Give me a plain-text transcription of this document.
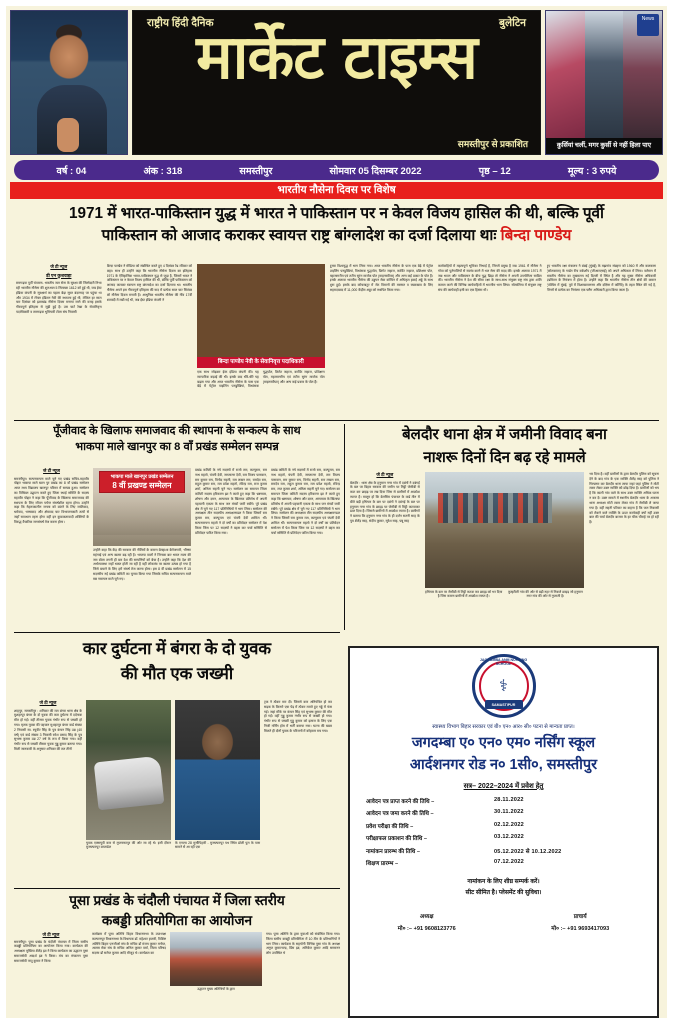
राष्ट्रीय हिंदी दैनिक	बुलेटिन
मार्केट टाइम्स
समस्तीपुर से प्रकाशित
News
कुर्सियां चलीं, मगर कुर्सी से नहीं हिला पाए
वर्ष : 04	अंक : 318	समस्तीपुर	सोमवार 05 दिसम्बर 2022	पृष्ठ – 12	मूल्य : 3 रुपये
भारतीय नौसेना दिवस पर विशेष
1971 में भारत-पाकिस्तान युद्ध में भारत ने पाकिस्तान पर न केवल विजय हासिल की थी, बल्कि पूर्वी
पाकिस्तान को आजाद कराकर स्वायत्त राष्ट्र बांग्लादेश का दर्जा दिलाया थाः बिन्दा पाण्डेय
जे टी न्यूज
डी एन कुशवाहा
रामगढ़वा पूर्वी चंपारण- भारतीय जल सेना के सुरक्षा की जिम्मेदारी निभा रही भारतीय नौसेना की शुरुआत 5 सितम्बर 1612 को हुई थी, जब ईस्ट इंडिया कंपनी के सुरक्षार्थ का पहला बेड़ा सूरत बंदरगाह पर पहुंचा था और 1934 में रॉयल इंडियन नेवी की स्थापना हुई थी, लेकिन हर साल चार दिसंबर को झारखंड नौसेना दिवस मनाया जाने की वजह इसके गौरवपूर्ण इतिहास से जुड़ी हुई है। उस चार्ट रेखा के सेवानिवृत्त पदाधिकारी व रामगढ़वा थुमियारी टोला संघ निवासी
बिन्दा पाण्डेय ने मीडिया को संबोधित करते हुए 4 दिसंबर रेड रविवार को कहा। साथ ही उन्होंने कहा कि भारतीय नौसेना दिवस का इतिहास 1971 के ऐतिहासिक भारत-पाकिस्तान युद्ध से जुड़ा है, जिसमें भारत ने पाकिस्तान पर न केवल विजय हासिल की थी, बल्कि पूर्वी पाकिस्तान को आजाद कराकर स्वायत्त राष्ट्र बांग्लादेश का दर्जा दिलाया था। भारतीय नौसेना अपने इस गौरवपूर्ण इतिहास की याद में प्रत्येक साल चार सितंबर को नौसेना दिवस मनाती है। आधुनिक भारतीय नौसेना की नींव 17वीं शताब्दी में रखी गई थी, जब ईस्ट इंडिया कंपनी ने
बिन्दा पाण्डेय नेवी के सेवानिवृत्त पदाधिकारी
एक साथ जोड़कर ईस्ट इंडिया कंपनी की। यह व्यापारिक कड़ाई की थी। इसके बाद धीरे-धीरे यह बढ़ता गया और आज भारतीय नौसेना के पास एक बेड़े में पेट्रोल पाइलिंग पनडुब्बियां, विध्वंसक युद्धपोत, फ्रिगेट जहाज, कार्विट जहाज, प्रशिक्षण पोत, महासागरीय एवं तटीय सुरंग मार्जक पोत (माइनस्वीपर) और अन्य कई प्रकार के पोत हैं।
दूसरा विश्वयुद्ध में भाग लिया गया। आज भारतीय नौसेना के पास एक बेड़े में पेट्रोल पाइलिंग पनडुब्बियां, विध्वंसक युद्धपोत, फ्रिगेट जहाज, कार्विट जहाज, प्रशिक्षण पोत, महासागरीय एवं तटीय सुरंग मार्जक पोत (माइनस्वीपर) और अन्य कई प्रकार के पोत हैं। इसके अलावा भारतीय नौसेना की उड्डयन सेवा कोचिन में अधिकृत हवाई अड्डे के साथ शुरू हुई। इसके बाद कोचम्बटूर में जेट विमानों की मरम्मत व रखरखाव के लिए अहमदाबाद में 11,000 केंद्रीय अड्डा को स्थापित किया गया।
कार्यवाहियों में महत्वपूर्ण भूमिका निभाई है, जिनमें प्रमुख है जब 1961 में नौसेना ने गोवा को पुर्तगालियों से स्वतंत्र करने में थल सेना की मदद की। इसके अलावा 1971 में जब भारत और पाकिस्तान के बीच युद्ध छिड़ा तो नौसेना ने अपनी उपयोगिता साबित की। भारतीय नौसेना ने देश की सीमा रक्षा के साथ-साथ संयुक्त राष्ट्र संघ द्वारा शांति कायम करने की विभिन्न कार्यवाहियों में भारतीय भाग लिया। सोमालिया में संयुक्त राष्ट्र संघ की कार्यवाही इसी का एक हिस्सा थी।
हुए भारतीय रक्षा मंत्रालय ने बंबई (मुंबई) के मझगांव संग्रहण को 1960 में और कलकत्ता (कोलकाता) के गार्डन रीच वर्कशॉप (जीआरएसई) को अपने अधिकार में लिया। वर्तमान में भारतीय नौसेना का मुख्यालय नई दिल्ली में स्थित है और यह मुख्य नौसेना अधिकारी एडमिरल के नियंत्रण में होता है। उन्होंने कहा कि भारतीय नौसेना तीन क्षेत्रों की कमान (पश्चिम में मुंबई, पूर्व में विशाखापत्तनम और दक्षिण में कोच्चि) के तहत स्थित की गई है, जिनमें से प्रत्येक का नियंत्रण एक फ्लैग अधिकारी द्वारा किया जाता है।
पूँजीवाद के खिलाफ समाजवाद की स्थापना के सन्कल्प के साथ
भाकपा माले खानपुर का 8 वाँ प्रखंड सम्मेलन सम्पन्न
जे टी न्यूज
समस्तीपुर। सत्यनारायण माले चुने गए प्रखंड सचिव-महावीर पोद्दार भाकपा माले खान पुर प्रखंड का 8 वाँ प्रखंड सम्मेलन आज मध्य विद्यालय खानपुर परिसर में सम्पन्न हुआ। सम्मेलन का विधिवत उद्घाटन करते हुए जिला स्थाई समिति के सदस्य महावीर पोद्दार ने कहा कि पूँजीवाद के खिलाफ समाजवाद की स्थापना के लिए जीवन पर्यन्त संघर्षशील रहना होगा। उन्होंने कहा कि नेहरूकालीन जनता को बांटने के लिए जातिवाद, धर्मवाद, भाषावाद और क्षेत्रवाद चार विभाजनकारी तत्वों से जहाँ सावधान रहना होगा वहीं इन कुफ्रकतावादी शक्तियों के विरुद्ध वैचारिक जनसंघर्ष तेज करना होगा।
भाकपा माले खानपुर प्रखंड सम्मेलन
8 वीं प्रखण्ड सम्मेलन
उन्होंने कहा कि केंद्र की सरकार की नीतियों के कारण बेतहाशा बेरोजगारी, भीषण महंगाई एवं अन्य खतरा बढ़ रही है। भाजपा वालों ने जिनका बार भारत माता की जय बोला ठगनी ही बार देश की सम्पत्तियों को बेचा है। उन्होंने कहा कि देश की अर्थव्यवस्था जहाँ ध्वस्त होती जा रही है वहीं लोकतंत्र पर खतरा उत्पन्न हो गया है जिसे बचाने के लिए हमें संघर्ष तेज करना होगा। इस 8 वीं प्रखंड सम्मेलन में 15 सदस्यीय नई प्रखंड कमिटी का चुनाव किया गया जिसके सचिव सत्यनारायण माले मन्न नारायण माले चुने गए।
प्रखंड कमिटी के नये सदस्यों में राजो राम, कल्पूराम, राम नाथ महतो, चंपनी देवी, जगतारण देवी, राम विजय पासवान, राम कुमार राय, विनोद सहनी, राम लखन राम, रामदेव राम, राहुल कुमार राम, राम प्रवेश महतो, रविन्द्र राम, राज कुमार शर्मा, अनिता सहनी चुने गए। सम्मेलन का समापन जिला कमिटी सदस्य हरिकान्त झा ने करते हुए कहा कि भ्रष्टाचार, शोषण और दमन, अत्याचार के खिलाफ प्रतिरोध में अपनी पहचानी एकता के साथ जन मंच्चों जारी रखेंगे। पूरे प्रखंड क्षेत्र में चुने गए 117 प्रतिनिधियों ने भाग लिया। सम्मेलन की अध्यक्षता तीन सदस्यीय अध्यक्षमण्डल ने किया जिसमें राम कुमार राम, कल्पूराम एवं चंपनी देवी शामिल थीं। सत्यनारायण महतो ने दो वर्षों का प्रतिवेदन सम्मेलन में पेश किया जिस पर 12 सदस्यों ने बहस कर चर्चा सम्मिति से प्रतिवेदन पारित किया गया।
प्रखंड कमिटी के नये सदस्यों में राजो राम, कल्पूराम, राम नाथ महतो, चंपनी देवी, जगतारण देवी, राम विजय पासवान, राम कुमार राय, विनोद सहनी, राम लखन राम, रामदेव राम, राहुल कुमार राम, राम प्रवेश महतो, रविन्द्र राम, राज कुमार शर्मा, अनिता सहनी चुने गए। सम्मेलन का समापन जिला कमिटी सदस्य हरिकान्त झा ने करते हुए कहा कि भ्रष्टाचार, शोषण और दमन, अत्याचार के खिलाफ प्रतिरोध में अपनी पहचानी एकता के साथ जन मंच्चों जारी रखेंगे। पूरे प्रखंड क्षेत्र में चुने गए 117 प्रतिनिधियों ने भाग लिया। सम्मेलन की अध्यक्षता तीन सदस्यीय अध्यक्षमण्डल ने किया जिसमें राम कुमार राम, कल्पूराम एवं चंपनी देवी शामिल थीं। सत्यनारायण महतो ने दो वर्षों का प्रतिवेदन सम्मेलन में पेश किया जिस पर 12 सदस्यों ने बहस कर चर्चा सम्मिति से प्रतिवेदन पारित किया गया।
बेलदौर थाना क्षेत्र में जमीनी विवाद बना
नाशरू दिनों दिन बढ़ रहे मामले
जे टी न्यूज
बेलदौर : थाना क्षेत्र के हनुमान नगर गांव में दबंगों ने दबंगई के बल पर बिहार सरकार की जमीन पर मिट्टी जेसीबी से काट कर छाइड़ पर रख दिया जिस से ग्रामीणों में आक्रोश व्याप्त है। मालूम हो कि बेलसिम पंचायत के वार्ड तीन में बीते बड़ी हथियार के बल पर दबंगों ने दबंगई के बल पर हनुमान नगर गांव के छाइड़ पर जेसीबी से मिट्टी कटवाकर डाल दिया है। जिससे ग्रामीणों में आक्रोश व्याप्त है। ग्रामीणों ने बताया कि हनुमान नगर गांव के ही दर्जन सतनी साह के पुत्र शैलेंद्र साह, संदीप कुमार, सुरेश साह, पन्नू साह
हथियार के बल पर जेसीबी से मिट्टी कटवा कर छाइड़ को भर दिया है जिस कारण ग्रामीणों में आक्रोश व्याप्त है।
कुम्हरौली गांव की ओर से बड़ी नहर से निकले छाइड़ जो हनुमान नगर गांव की ओर से गुजरती है।
भर दिया है। वहीं ग्रामीणों के द्वारा बेलदौर पुलिस को सूचना देने के बाद गांव के एक व्यक्ति शैलेंद्र साह को पुलिस ने गिरफ्तार कर बेलदौर थाना लाया जहां जहां पुलिस ने मोटी रकम लेकर उक्त व्यक्ति को छोड़ दिया है। ग्रामीणों को भय है कि काली गांव वाले के साथ उक्त व्यक्ति अधिक घटना न कर दें। उक्त मामले में स्थानीय बेलदौर थाना के अफसर थाना अध्यक्षा मोटी रकम लेकर गांव में जेसीबी ले जाया गया है। वहीं सहनी परिवार का कहना है कि जल निकासी को रोकने वाले व्यक्ति के ऊपर कार्यवाही क्यों नहीं उक्त बात की चर्चा बेलदौर बाजार के हर चौक चौराहे पर हो रही है।
कार दुर्घटना में बंगरा के दो युवक
की मौत एक जख्मी
जे टी न्यूज
शाहपुर, समस्तीपुर : शनिवार की रात बंगरा थाना क्षेत्र के मुशहरपुर बंगरा के दो युवक की कार दुर्घटना में दर्दनाक मौत हो गई। वहीं तीसरा युवक गंभीर रूप से जख्मी हो गया। मृतक युवक की पहचान मुशहरपुर बंगरा वार्ड संख्या 2 निवासी स्व. रघुवीर सिंह के पुत्र कंचन सिंह उम्र (40 वर्ष) एवं वार्ड संख्या 3 निवासी रमेश प्रसाद सिंह के पुत्र सुभाष कुमार उम्र 27 वर्ष के रूप में किया गया। वहीं गंभीर रूप से जख्मी तीसरा युवक गुड्डू कुमार बताया गया। मिली जानकारी के अनुसार शनिवार की रात तीनों
युवक एक्सयूवी कार से मुजफ्फरपुर की ओर जा रहे थे। इसी दौरान मुजफ्फरपुर बाजाडेल
के एनएच 28 मुसौपिहारी - मुजफ्फरपुर पथ स्थित ढोली पुल के पास सामने से आ रही एक
ट्रक ने ठोकर मार दी। जिससे कार अनियंत्रित हो कर सड़क के किनारे एक पेड़ में ठोकर मारते हुए गड्ढे में फंस गई। जहां मौके पर कंचन सिंह एवं सुभाष कुमार की मौत हो गई। वहीं गुड्डू कुमार गंभीर रूप से जख्मी हो गया। गंभीर रूप से जख्मी गुड्डू कुमार को इलाज के लिए एक निजी नर्सिंग होम में भर्ती कराया गया। घटना की खबर मिलते ही दोनों युवक के परिजनों में कोहराम मच गया।
पूसा प्रखंड के चंदौली पंचायत में जिला स्तरीय
कबड्डी प्रतियोगिता का आयोजन
जे टी न्यूज
समस्तीपुर: पूसा प्रखंड के चंदौली पंचायत में जिला स्तरीय कबड्डी प्रतियोगिता का आयोजन किया गया। कार्यक्रम की अध्यक्षता मुखिया शैलेंद्र झा ने किया कार्यक्रम का उद्घाटन पूसा समाजसेवी आदर्श झा ने किया। मंच का संचालन पूसा समाजसेवी पप्पू कुमार ने किया
कार्यक्रम में पूसा अतिथि विहार विधानसभा के उपाध्यक्ष कल्याणपुर विधानसभा के विधायक डॉ. महेश्वर हजारी, विशिष्ट अतिथि बिहार एनजीओ संघ के सचिव डॉ मंजय कुमार मनोज, आमस सेवा संघ के सचिव अनिल कुमार वर्मा, जिला परिषद सदस्य डॉ सरोज कुमार आदि मौजूद थे। कार्यक्रम का
उद्घाटन मुख्य अतिथियों के द्वारा
गया। पूसा अतिथि के द्वारा युवाओं को संबोधित किया गया। जिला स्तरीय कबड्डी प्रतियोगिता में 10 टीम के प्रतिभागियों ने भाग लिया। कार्यक्रम के सहयोगी विभिन्न पूसा गांव के अध्यक्ष अनुज कुमारचन्द्र, प्रिंस झा, अनिकेत कुमार आदि सम्मानन लोग उपस्थित थे
JAGDAMBA ANM NURSING SCHOOL
⚕
SAMASTIPUR
स्वास्थ्य विभाग बिहार सरकार एवं बी० एन० आर० सी० पटना से मान्यता प्राप्त।
जगदम्बा ए० एन० एम० नर्सिंग स्कूल
आर्दशनगर रोड न० 1सी०, समस्तीपुर
सत्र– 2022–2024 में प्रवेश हेतु
आवेदन पत्र प्राप्त करने की तिथि –	28.11.2022
आवेदन पत्र जमा करने की तिथि –	30.11.2022
प्रवेश परीक्षा की तिथि –	02.12.2022
परीक्षाफल प्रकाशन की तिथि –	03.12.2022
नामांकन प्रारम्भ की तिथि –	05.12.2022 से 10.12.2022
शिक्षण प्रारम्भ –	07.12.2022
नामांकन के लिए शीघ्र सम्पर्क करें।
सीट सीमित है। प्लेसमेंट की सुविधा।
अध्यक्ष
मो० :– +91 9608123776
प्राचार्य
मो० :– +91 9693417093
